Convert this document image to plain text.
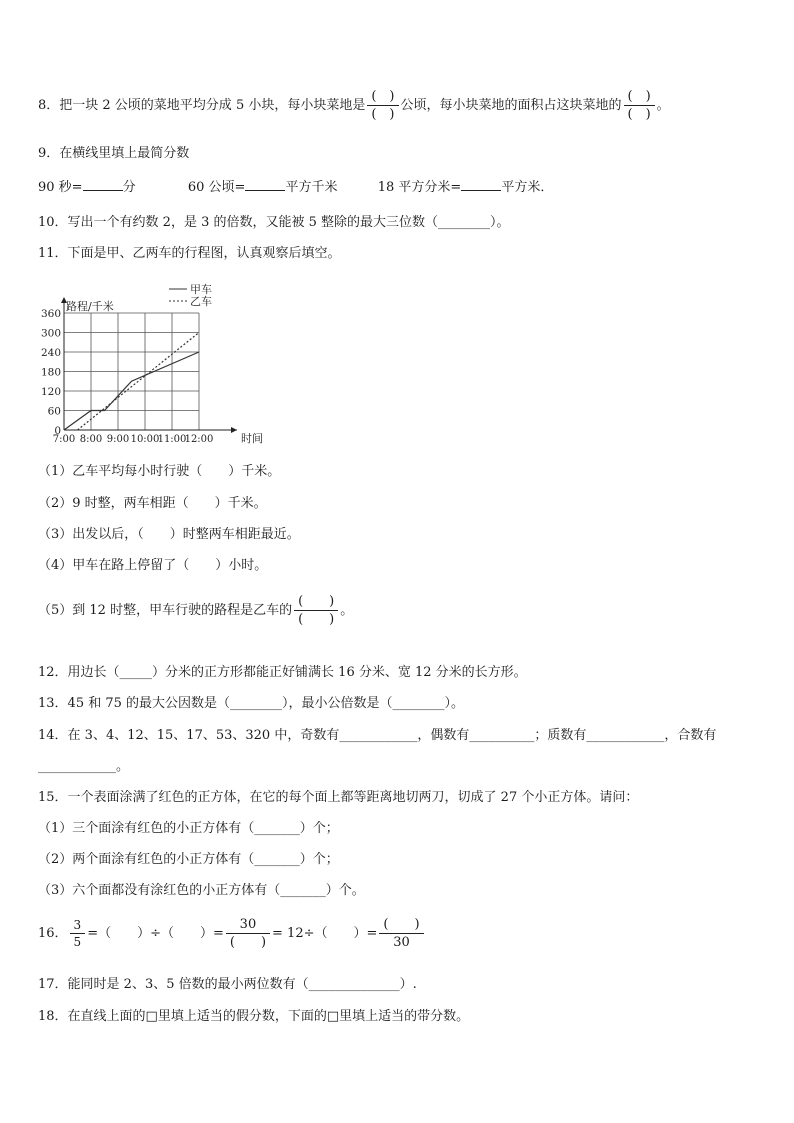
8．把一块 2 公顷的菜地平均分成 5 小块，每小块菜地是 $\frac{( )}{( )}$ 公顷，每小块菜地的面积占这块菜地的 $\frac{( )}{( )}$ 。
9．在横线里填上最简分数
90 秒=	分	60 公顷=	平方千米	18 平方分米=	平方米．
10．写出一个有约数 2，是 3 的倍数，又能被 5 整除的最大三位数（________）。
11．下面是甲、乙两车的行程图，认真观察后填空。
0
60
120
180
240
300
360
7:00 8:00 9:00 10:00
11:00
12:00
路程/千米
时间
甲车
乙车
（1）乙车平均每小时行驶（　　）千米。
（2）9 时整，两车相距（　　）千米。
（3）出发以后，（　　）时整两车相距最近。
（4）甲车在路上停留了（　　）小时。
（5）到 12 时整，甲车行驶的路程是乙车的 $\frac{( )}{( )}$ 。
12．用边长（_____）分米的正方形都能正好铺满长 16 分米、宽 12 分米的长方形。
13．45 和 75 的最大公因数是（________），最小公倍数是（________）。
14．在 3、4、12、15、17、53、320 中，奇数有____________，偶数有__________；质数有____________，合数有
____________。
15．一个表面涂满了红色的正方体，在它的每个面上都等距离地切两刀，切成了 27 个小正方体。请问：
（1）三个面涂有红色的小正方体有（_______）个；
（2）两个面涂有红色的小正方体有（_______）个；
（3）六个面都没有涂红色的小正方体有（_______）个。
16． $\frac{3}{5}$ =（　　）÷（　　）= $\frac{30}{( )} = 12\div$（　　）= $\frac{( )}{30}$
17．能同时是 2、3、5 倍数的最小两位数有（______________）.
18．在直线上面的□里填上适当的假分数，下面的□里填上适当的带分数。
